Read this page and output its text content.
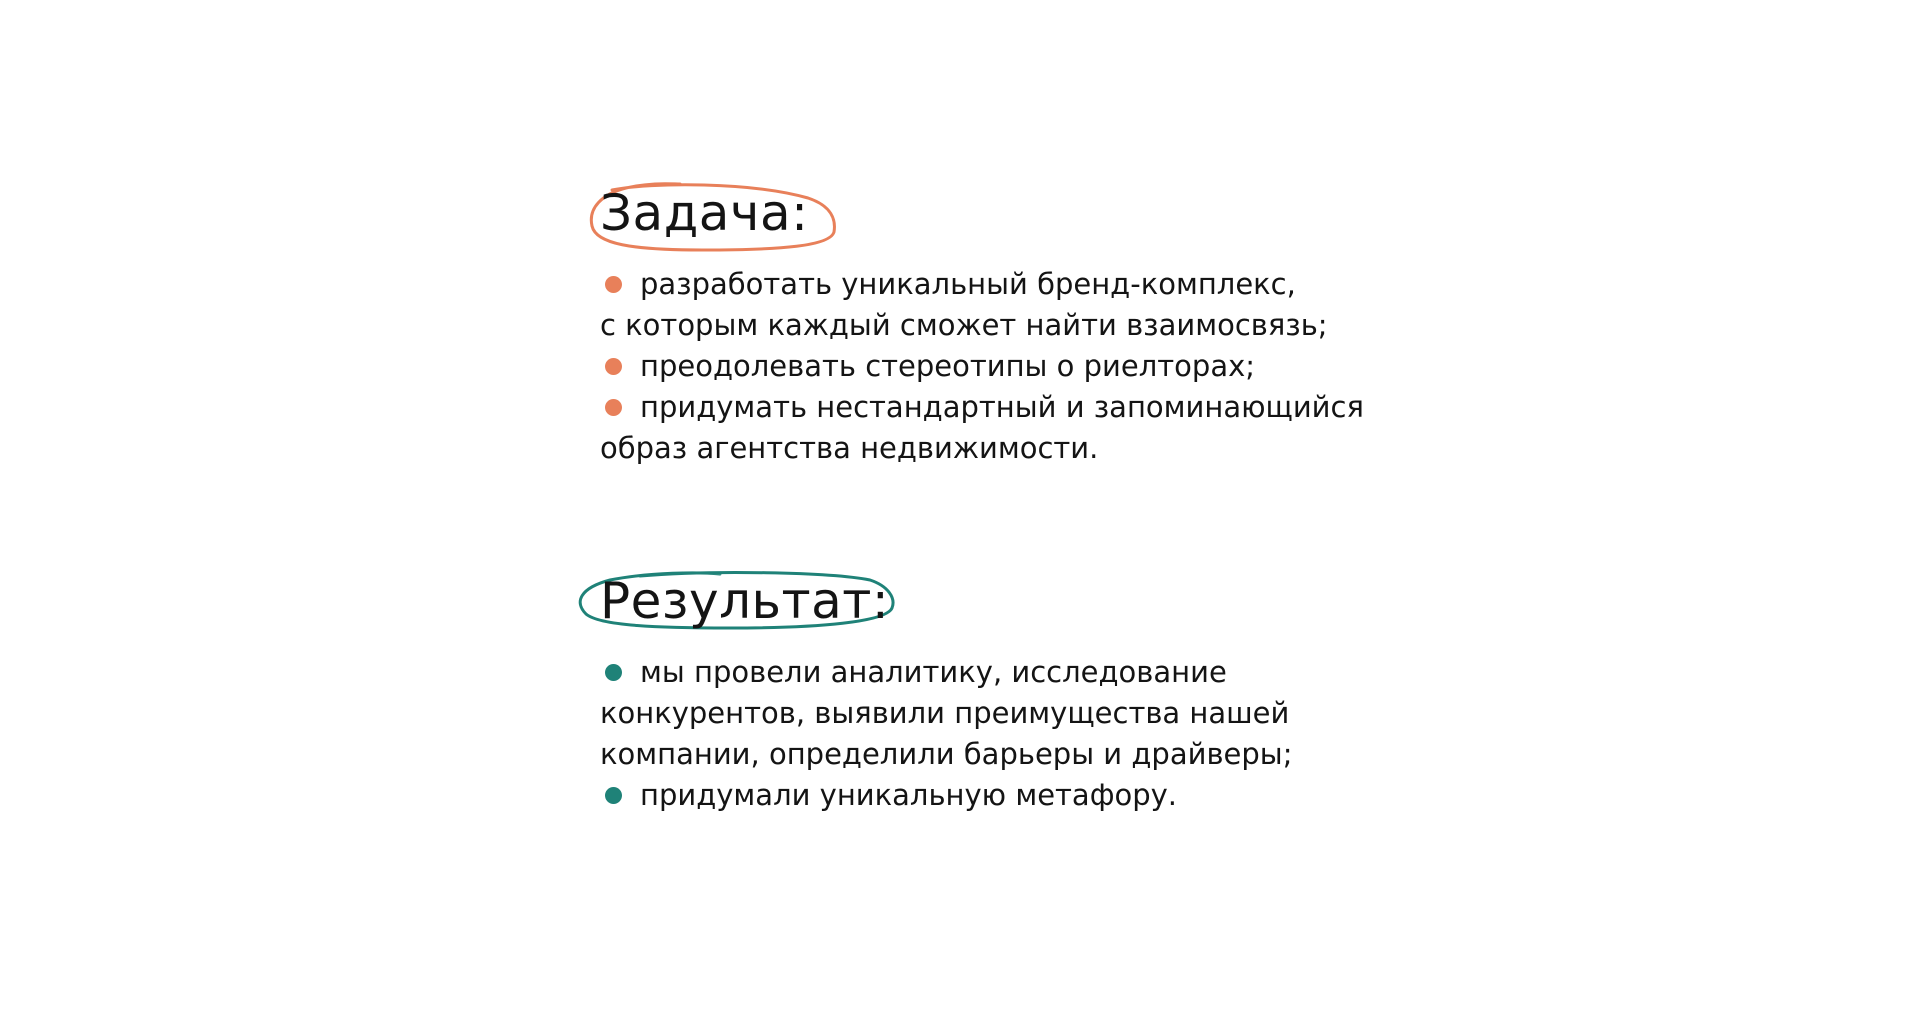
Задача:
разработать уникальный бренд-комплекс,
с которым каждый сможет найти взаимосвязь;
преодолевать стереотипы о риелторах;
придумать нестандартный и запоминающийся
образ агентства недвижимости.
Результат:
мы провели аналитику, исследование
конкурентов, выявили преимущества нашей
компании, определили барьеры и драйверы;
придумали уникальную метафору.
